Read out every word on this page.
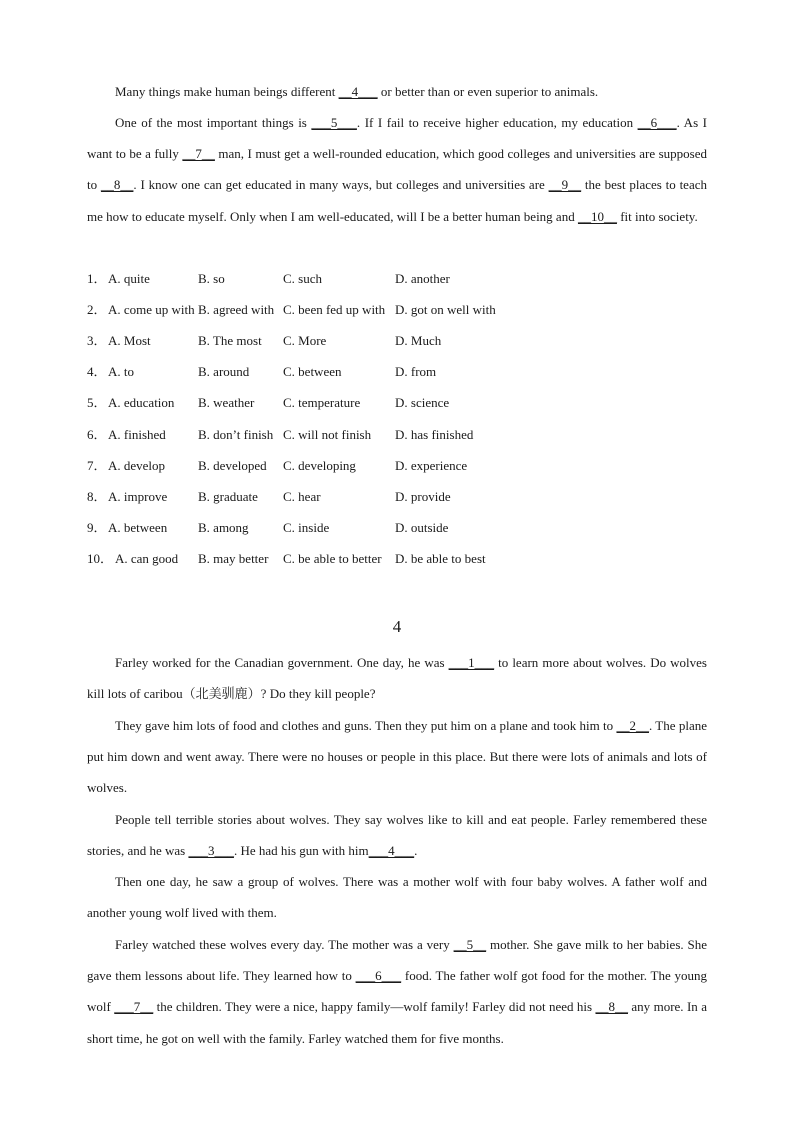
Many things make human beings different __4___ or better than or even superior to animals.

One of the most important things is ___5___. If I fail to receive higher education, my education __6___. As I want to be a fully __7__ man, I must get a well-rounded education, which good colleges and universities are supposed to __8__. I know one can get educated in many ways, but colleges and universities are __9__ the best places to teach me how to educate myself. Only when I am well-educated, will I be a better human being and __10__ fit into society.

1． A. quite	B. so	C. such	D. another
2． A. come up with B. agreed with C. been fed up with D. got on well with
3． A. Most	B. The most C. More	D. Much
4． A. to	B. around	C. between	D. from
5． A. education B. weather C. temperature	D. science
6． A. finished B. don’t finish C. will not finish D. has finished
7． A. develop	B. developed C. developing	D. experience
8． A. improve B. graduate C. hear	D. provide
9． A. between B. among	C. inside	D. outside
10． A. can good B. may better C. be able to better D. be able to best
4

Farley worked for the Canadian government. One day, he was ___1___ to learn more about wolves. Do wolves kill lots of caribou（北美驯鹿）? Do they kill people?

They gave him lots of food and clothes and guns. Then they put him on a plane and took him to __2__. The plane put him down and went away. There were no houses or people in this place. But there were lots of animals and lots of wolves.

People tell terrible stories about wolves. They say wolves like to kill and eat people. Farley remembered these stories, and he was ___3___. He had his gun with him___4___.

Then one day, he saw a group of wolves. There was a mother wolf with four baby wolves. A father wolf and another young wolf lived with them.

Farley watched these wolves every day. The mother was a very __5__ mother. She gave milk to her babies. She gave them lessons about life. They learned how to ___6___ food. The father wolf got food for the mother. The young wolf ___7__ the children. They were a nice, happy family—wolf family! Farley did not need his __8__ any more. In a short time, he got on well with the family. Farley watched them for five months.
